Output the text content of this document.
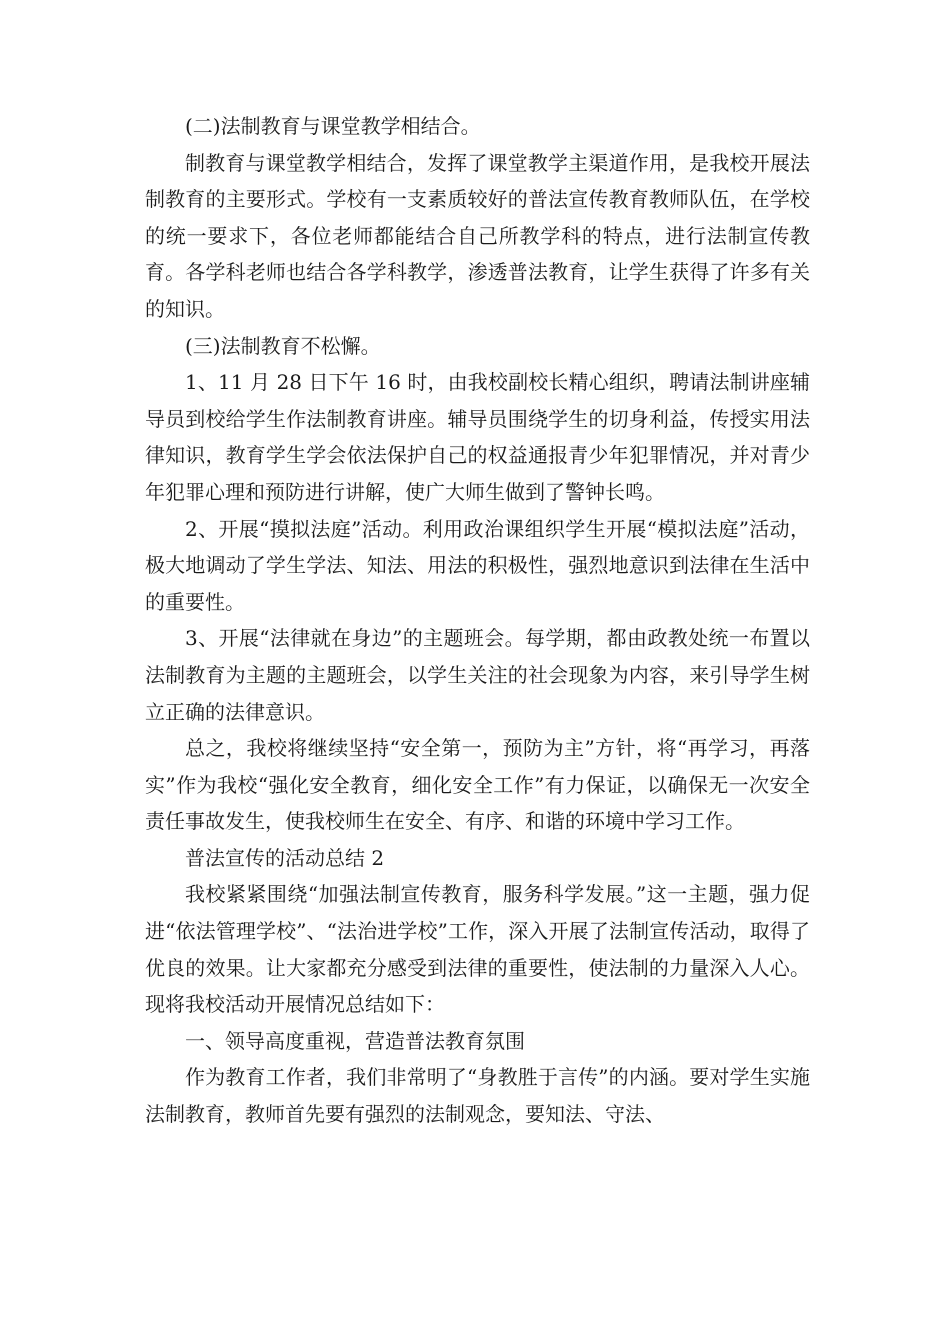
(二)法制教育与课堂教学相结合。

制教育与课堂教学相结合，发挥了课堂教学主渠道作用，是我校开展法制教育的主要形式。学校有一支素质较好的普法宣传教育教师队伍，在学校的统一要求下，各位老师都能结合自己所教学科的特点，进行法制宣传教育。各学科老师也结合各学科教学，渗透普法教育，让学生获得了许多有关的知识。

(三)法制教育不松懈。

1、11 月 28 日下午 16 时，由我校副校长精心组织，聘请法制讲座辅导员到校给学生作法制教育讲座。辅导员围绕学生的切身利益，传授实用法律知识，教育学生学会依法保护自己的权益通报青少年犯罪情况，并对青少年犯罪心理和预防进行讲解，使广大师生做到了警钟长鸣。

2、开展“摸拟法庭”活动。利用政治课组织学生开展“模拟法庭”活动，极大地调动了学生学法、知法、用法的积极性，强烈地意识到法律在生活中的重要性。

3、开展“法律就在身边”的主题班会。每学期，都由政教处统一布置以法制教育为主题的主题班会，以学生关注的社会现象为内容，来引导学生树立正确的法律意识。

总之，我校将继续坚持“安全第一，预防为主”方针，将“再学习，再落实”作为我校“强化安全教育，细化安全工作”有力保证，以确保无一次安全责任事故发生，使我校师生在安全、有序、和谐的环境中学习工作。

普法宣传的活动总结 2

我校紧紧围绕“加强法制宣传教育，服务科学发展。”这一主题，强力促进“依法管理学校”、“法治进学校”工作，深入开展了法制宣传活动，取得了优良的效果。让大家都充分感受到法律的重要性，使法制的力量深入人心。现将我校活动开展情况总结如下：

一、领导高度重视，营造普法教育氛围

作为教育工作者，我们非常明了“身教胜于言传”的内涵。要对学生实施法制教育，教师首先要有强烈的法制观念，要知法、守法、
